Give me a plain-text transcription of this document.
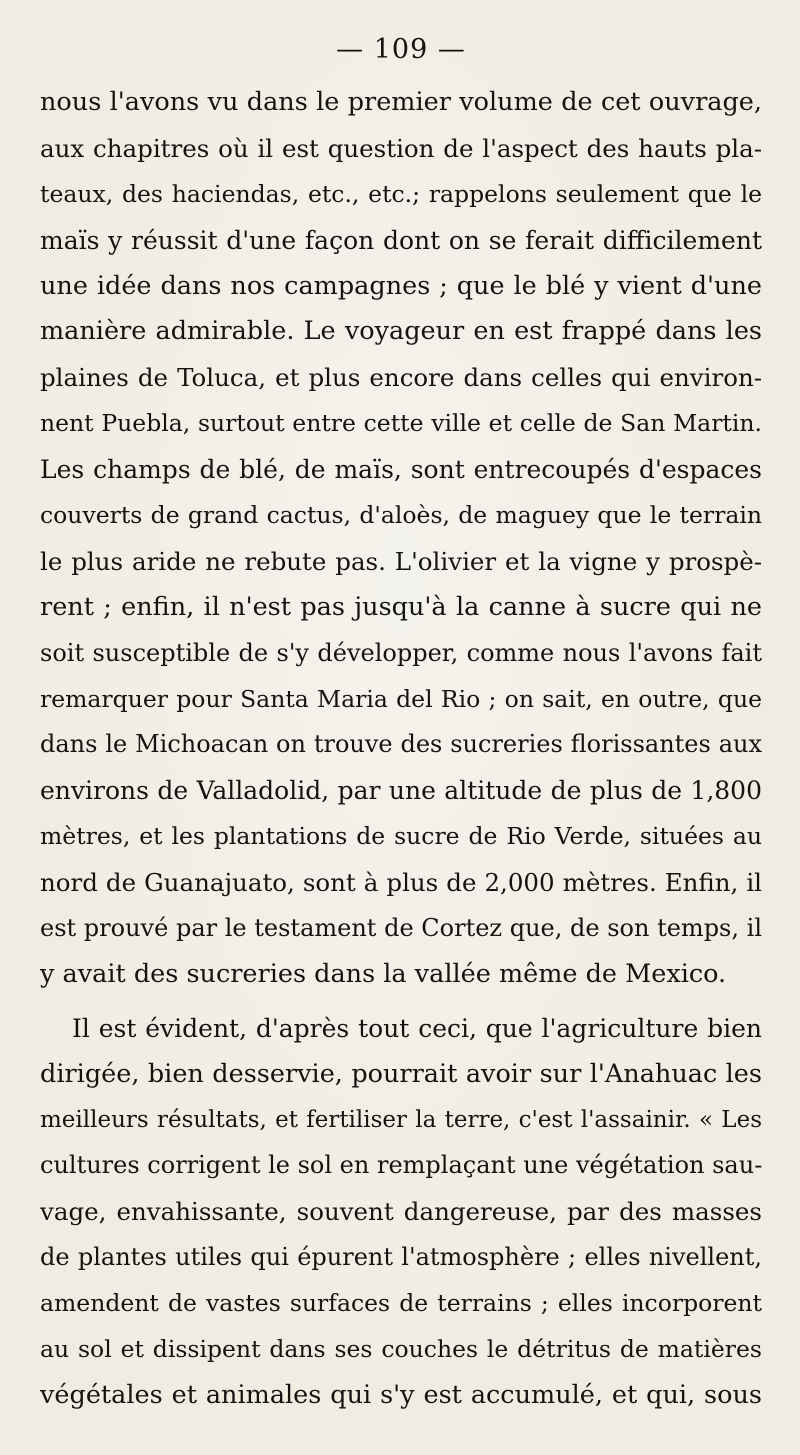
— 109 —
nous l'avons vu dans le premier volume de cet ouvrage,
aux chapitres où il est question de l'aspect des hauts pla-
teaux, des haciendas, etc., etc.; rappelons seulement que le
maïs y réussit d'une façon dont on se ferait difficilement
une idée dans nos campagnes ; que le blé y vient d'une
manière admirable. Le voyageur en est frappé dans les
plaines de Toluca, et plus encore dans celles qui environ-
nent Puebla, surtout entre cette ville et celle de San Martin.
Les champs de blé, de maïs, sont entrecoupés d'espaces
couverts de grand cactus, d'aloès, de maguey que le terrain
le plus aride ne rebute pas. L'olivier et la vigne y prospè-
rent ; enfin, il n'est pas jusqu'à la canne à sucre qui ne
soit susceptible de s'y développer, comme nous l'avons fait
remarquer pour Santa Maria del Rio ; on sait, en outre, que
dans le Michoacan on trouve des sucreries florissantes aux
environs de Valladolid, par une altitude de plus de 1,800
mètres, et les plantations de sucre de Rio Verde, situées au
nord de Guanajuato, sont à plus de 2,000 mètres. Enfin, il
est prouvé par le testament de Cortez que, de son temps, il
y avait des sucreries dans la vallée même de Mexico.
Il est évident, d'après tout ceci, que l'agriculture bien
dirigée, bien desservie, pourrait avoir sur l'Anahuac les
meilleurs résultats, et fertiliser la terre, c'est l'assainir. « Les
cultures corrigent le sol en remplaçant une végétation sau-
vage, envahissante, souvent dangereuse, par des masses
de plantes utiles qui épurent l'atmosphère ; elles nivellent,
amendent de vastes surfaces de terrains ; elles incorporent
au sol et dissipent dans ses couches le détritus de matières
végétales et animales qui s'y est accumulé, et qui, sous
